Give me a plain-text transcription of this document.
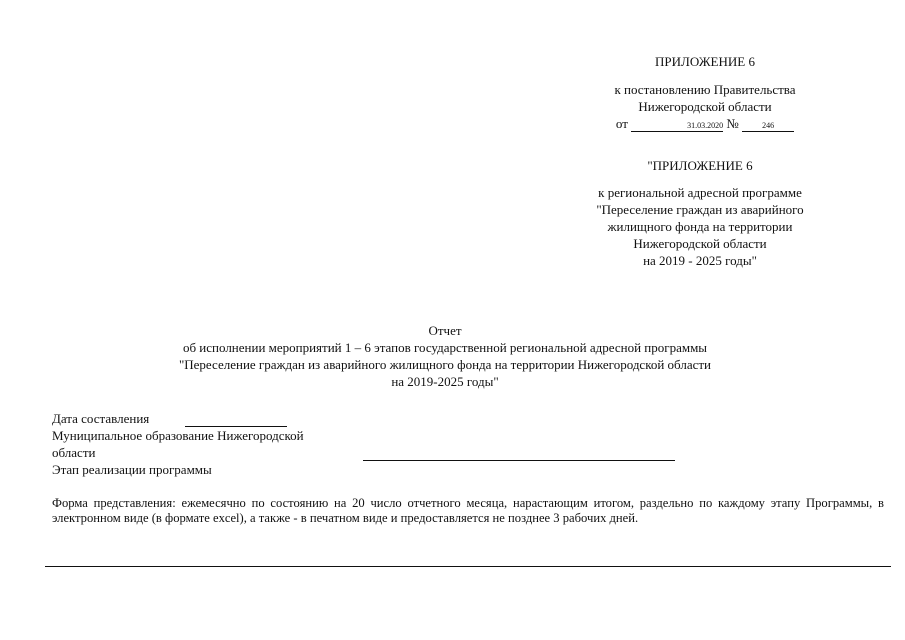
ПРИЛОЖЕНИЕ 6
к постановлению Правительства
Нижегородской области
от	31.03.2020 №	246
"ПРИЛОЖЕНИЕ 6
к региональной адресной программе
"Переселение граждан из аварийного
жилищного фонда на территории
Нижегородской области
на 2019 - 2025 годы"
Отчет
об исполнении мероприятий 1 – 6 этапов государственной региональной адресной программы
"Переселение граждан из аварийного жилищного фонда на территории Нижегородской области
на 2019-2025 годы"
Дата составления
Муниципальное образование Нижегородской
области
Этап реализации программы
Форма представления: ежемесячно по состоянию на 20 число отчетного месяца, нарастающим итогом, раздельно по каждому этапу Программы, в электронном виде (в формате excel), а также - в печатном виде и предоставляется не позднее 3 рабочих дней.
